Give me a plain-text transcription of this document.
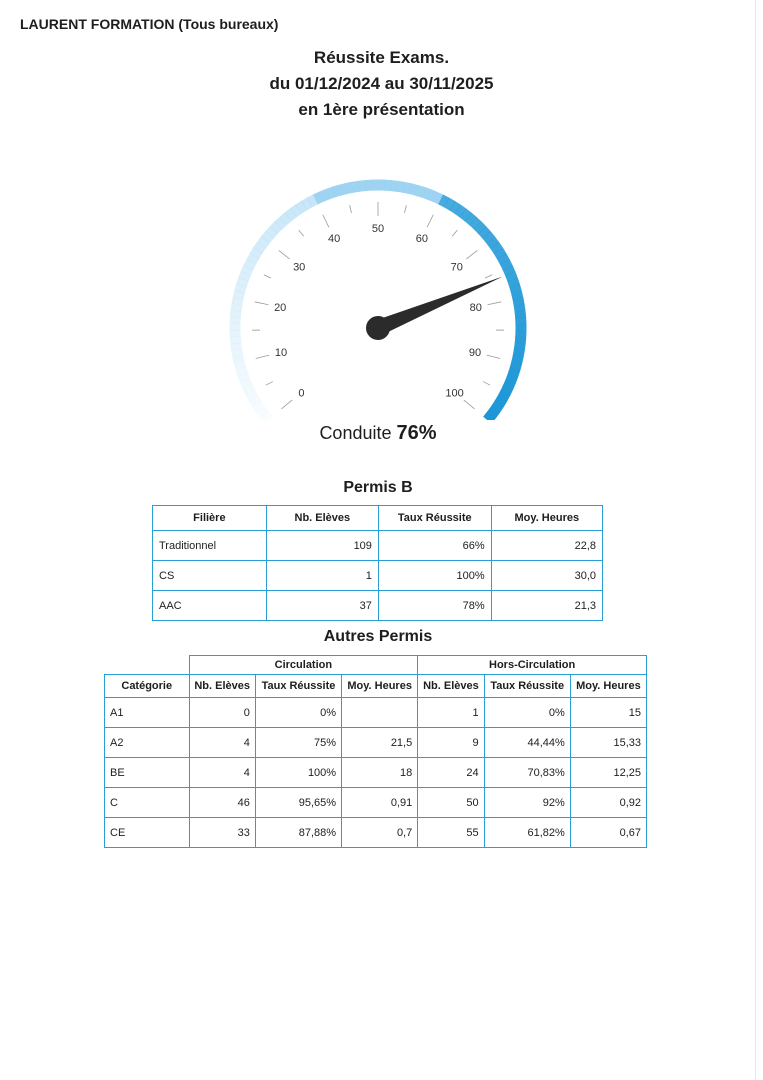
LAURENT FORMATION (Tous bureaux)
Réussite Exams.
du 01/12/2024 au 30/11/2025
en 1ère présentation
0
10
20
30
40
50
60
70
80
90
100
Conduite 76%
Permis B
Filière	Nb. Elèves	Taux Réussite	Moy. Heures
Traditionnel	109	66%	22,8
CS	1	100%	30,0
AAC	37	78%	21,3
Autres Permis
	Circulation			Hors-Circulation		
Catégorie	Nb. Elèves	Taux Réussite	Moy. Heures	Nb. Elèves	Taux Réussite	Moy. Heures
A1	0	0%		1	0%	15
A2	4	75%	21,5	9	44,44%	15,33
BE	4	100%	18	24	70,83%	12,25
C	46	95,65%	0,91	50	92%	0,92
CE	33	87,88%	0,7	55	61,82%	0,67
